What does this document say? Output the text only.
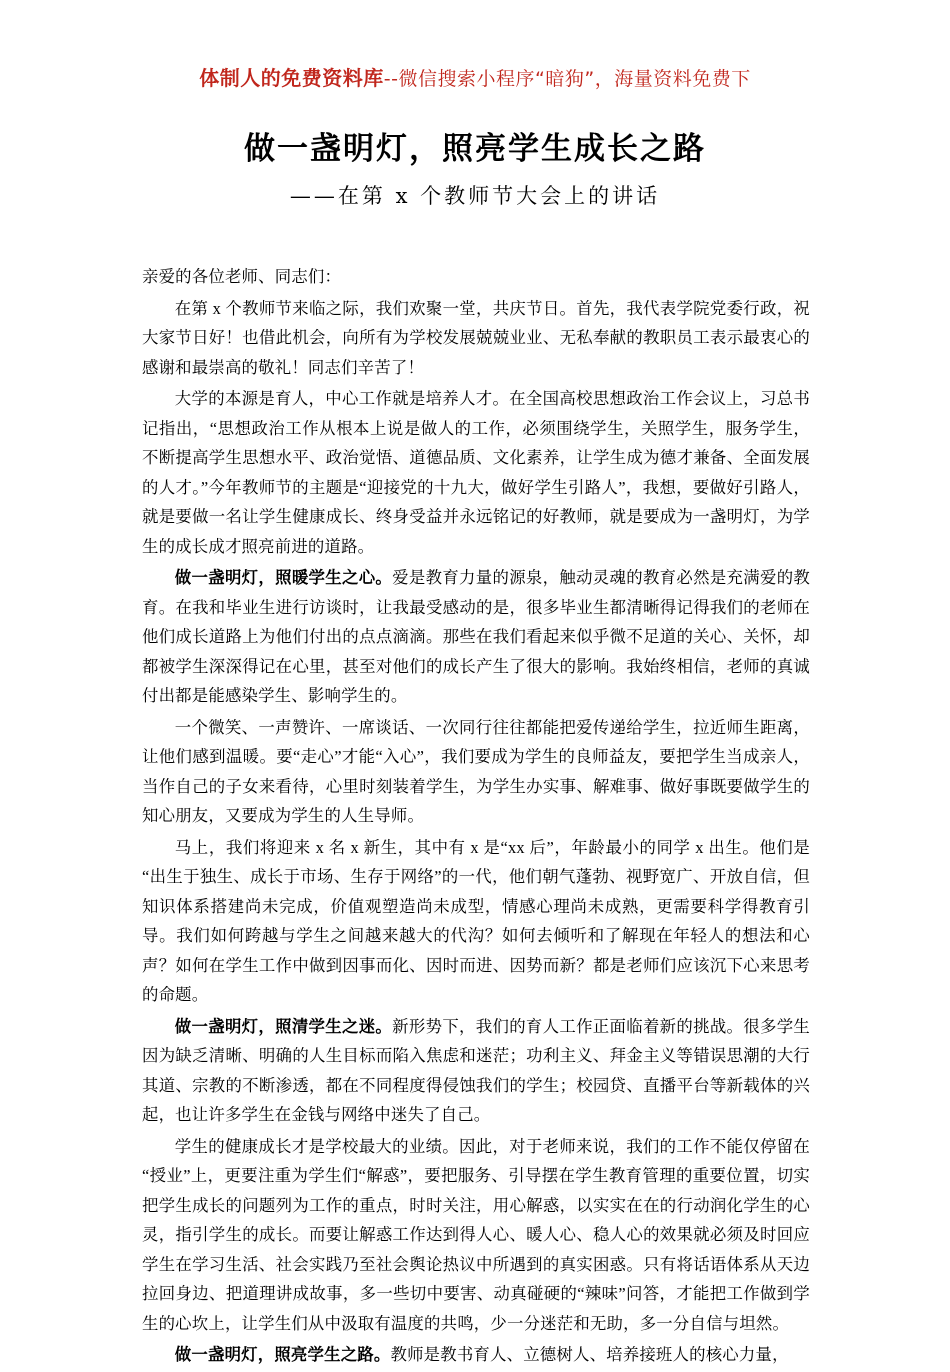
体制人的免费资料库--微信搜索小程序“暗狗”，海量资料免费下
做一盏明灯，照亮学生成长之路
——在第 x 个教师节大会上的讲话

亲爱的各位老师、同志们：

在第 x 个教师节来临之际，我们欢聚一堂，共庆节日。首先，我代表学院党委行政，祝大家节日好！也借此机会，向所有为学校发展兢兢业业、无私奉献的教职员工表示最衷心的感谢和最崇高的敬礼！同志们辛苦了！

大学的本源是育人，中心工作就是培养人才。在全国高校思想政治工作会议上，习总书记指出，“思想政治工作从根本上说是做人的工作，必须围绕学生，关照学生，服务学生，不断提高学生思想水平、政治觉悟、道德品质、文化素养，让学生成为德才兼备、全面发展的人才。”今年教师节的主题是“迎接党的十九大，做好学生引路人”，我想，要做好引路人，就是要做一名让学生健康成长、终身受益并永远铭记的好教师，就是要成为一盏明灯，为学生的成长成才照亮前进的道路。

做一盏明灯，照暖学生之心。爱是教育力量的源泉，触动灵魂的教育必然是充满爱的教育。在我和毕业生进行访谈时，让我最受感动的是，很多毕业生都清晰得记得我们的老师在他们成长道路上为他们付出的点点滴滴。那些在我们看起来似乎微不足道的关心、关怀，却都被学生深深得记在心里，甚至对他们的成长产生了很大的影响。我始终相信，老师的真诚付出都是能感染学生、影响学生的。

一个微笑、一声赞许、一席谈话、一次同行往往都能把爱传递给学生，拉近师生距离，让他们感到温暖。要“走心”才能“入心”，我们要成为学生的良师益友，要把学生当成亲人，当作自己的子女来看待，心里时刻装着学生，为学生办实事、解难事、做好事既要做学生的知心朋友，又要成为学生的人生导师。

马上，我们将迎来 x 名 x 新生，其中有 x 是“xx 后”，年龄最小的同学 x 出生。他们是“出生于独生、成长于市场、生存于网络”的一代，他们朝气蓬勃、视野宽广、开放自信，但知识体系搭建尚未完成，价值观塑造尚未成型，情感心理尚未成熟，更需要科学得教育引导。我们如何跨越与学生之间越来越大的代沟？如何去倾听和了解现在年轻人的想法和心声？如何在学生工作中做到因事而化、因时而进、因势而新？都是老师们应该沉下心来思考的命题。

做一盏明灯，照清学生之迷。新形势下，我们的育人工作正面临着新的挑战。很多学生因为缺乏清晰、明确的人生目标而陷入焦虑和迷茫；功利主义、拜金主义等错误思潮的大行其道、宗教的不断渗透，都在不同程度得侵蚀我们的学生；校园贷、直播平台等新载体的兴起，也让许多学生在金钱与网络中迷失了自己。

学生的健康成长才是学校最大的业绩。因此，对于老师来说，我们的工作不能仅停留在“授业”上，更要注重为学生们“解惑”，要把服务、引导摆在学生教育管理的重要位置，切实把学生成长的问题列为工作的重点，时时关注，用心解惑，以实实在在的行动润化学生的心灵，指引学生的成长。而要让解惑工作达到得人心、暖人心、稳人心的效果就必须及时回应学生在学习生活、社会实践乃至社会舆论热议中所遇到的真实困惑。只有将话语体系从天边拉回身边、把道理讲成故事，多一些切中要害、动真碰硬的“辣味”问答，才能把工作做到学生的心坎上，让学生们从中汲取有温度的共鸣，少一分迷茫和无助，多一分自信与坦然。

做一盏明灯，照亮学生之路。教师是教书育人、立德树人、培养接班人的核心力量，
